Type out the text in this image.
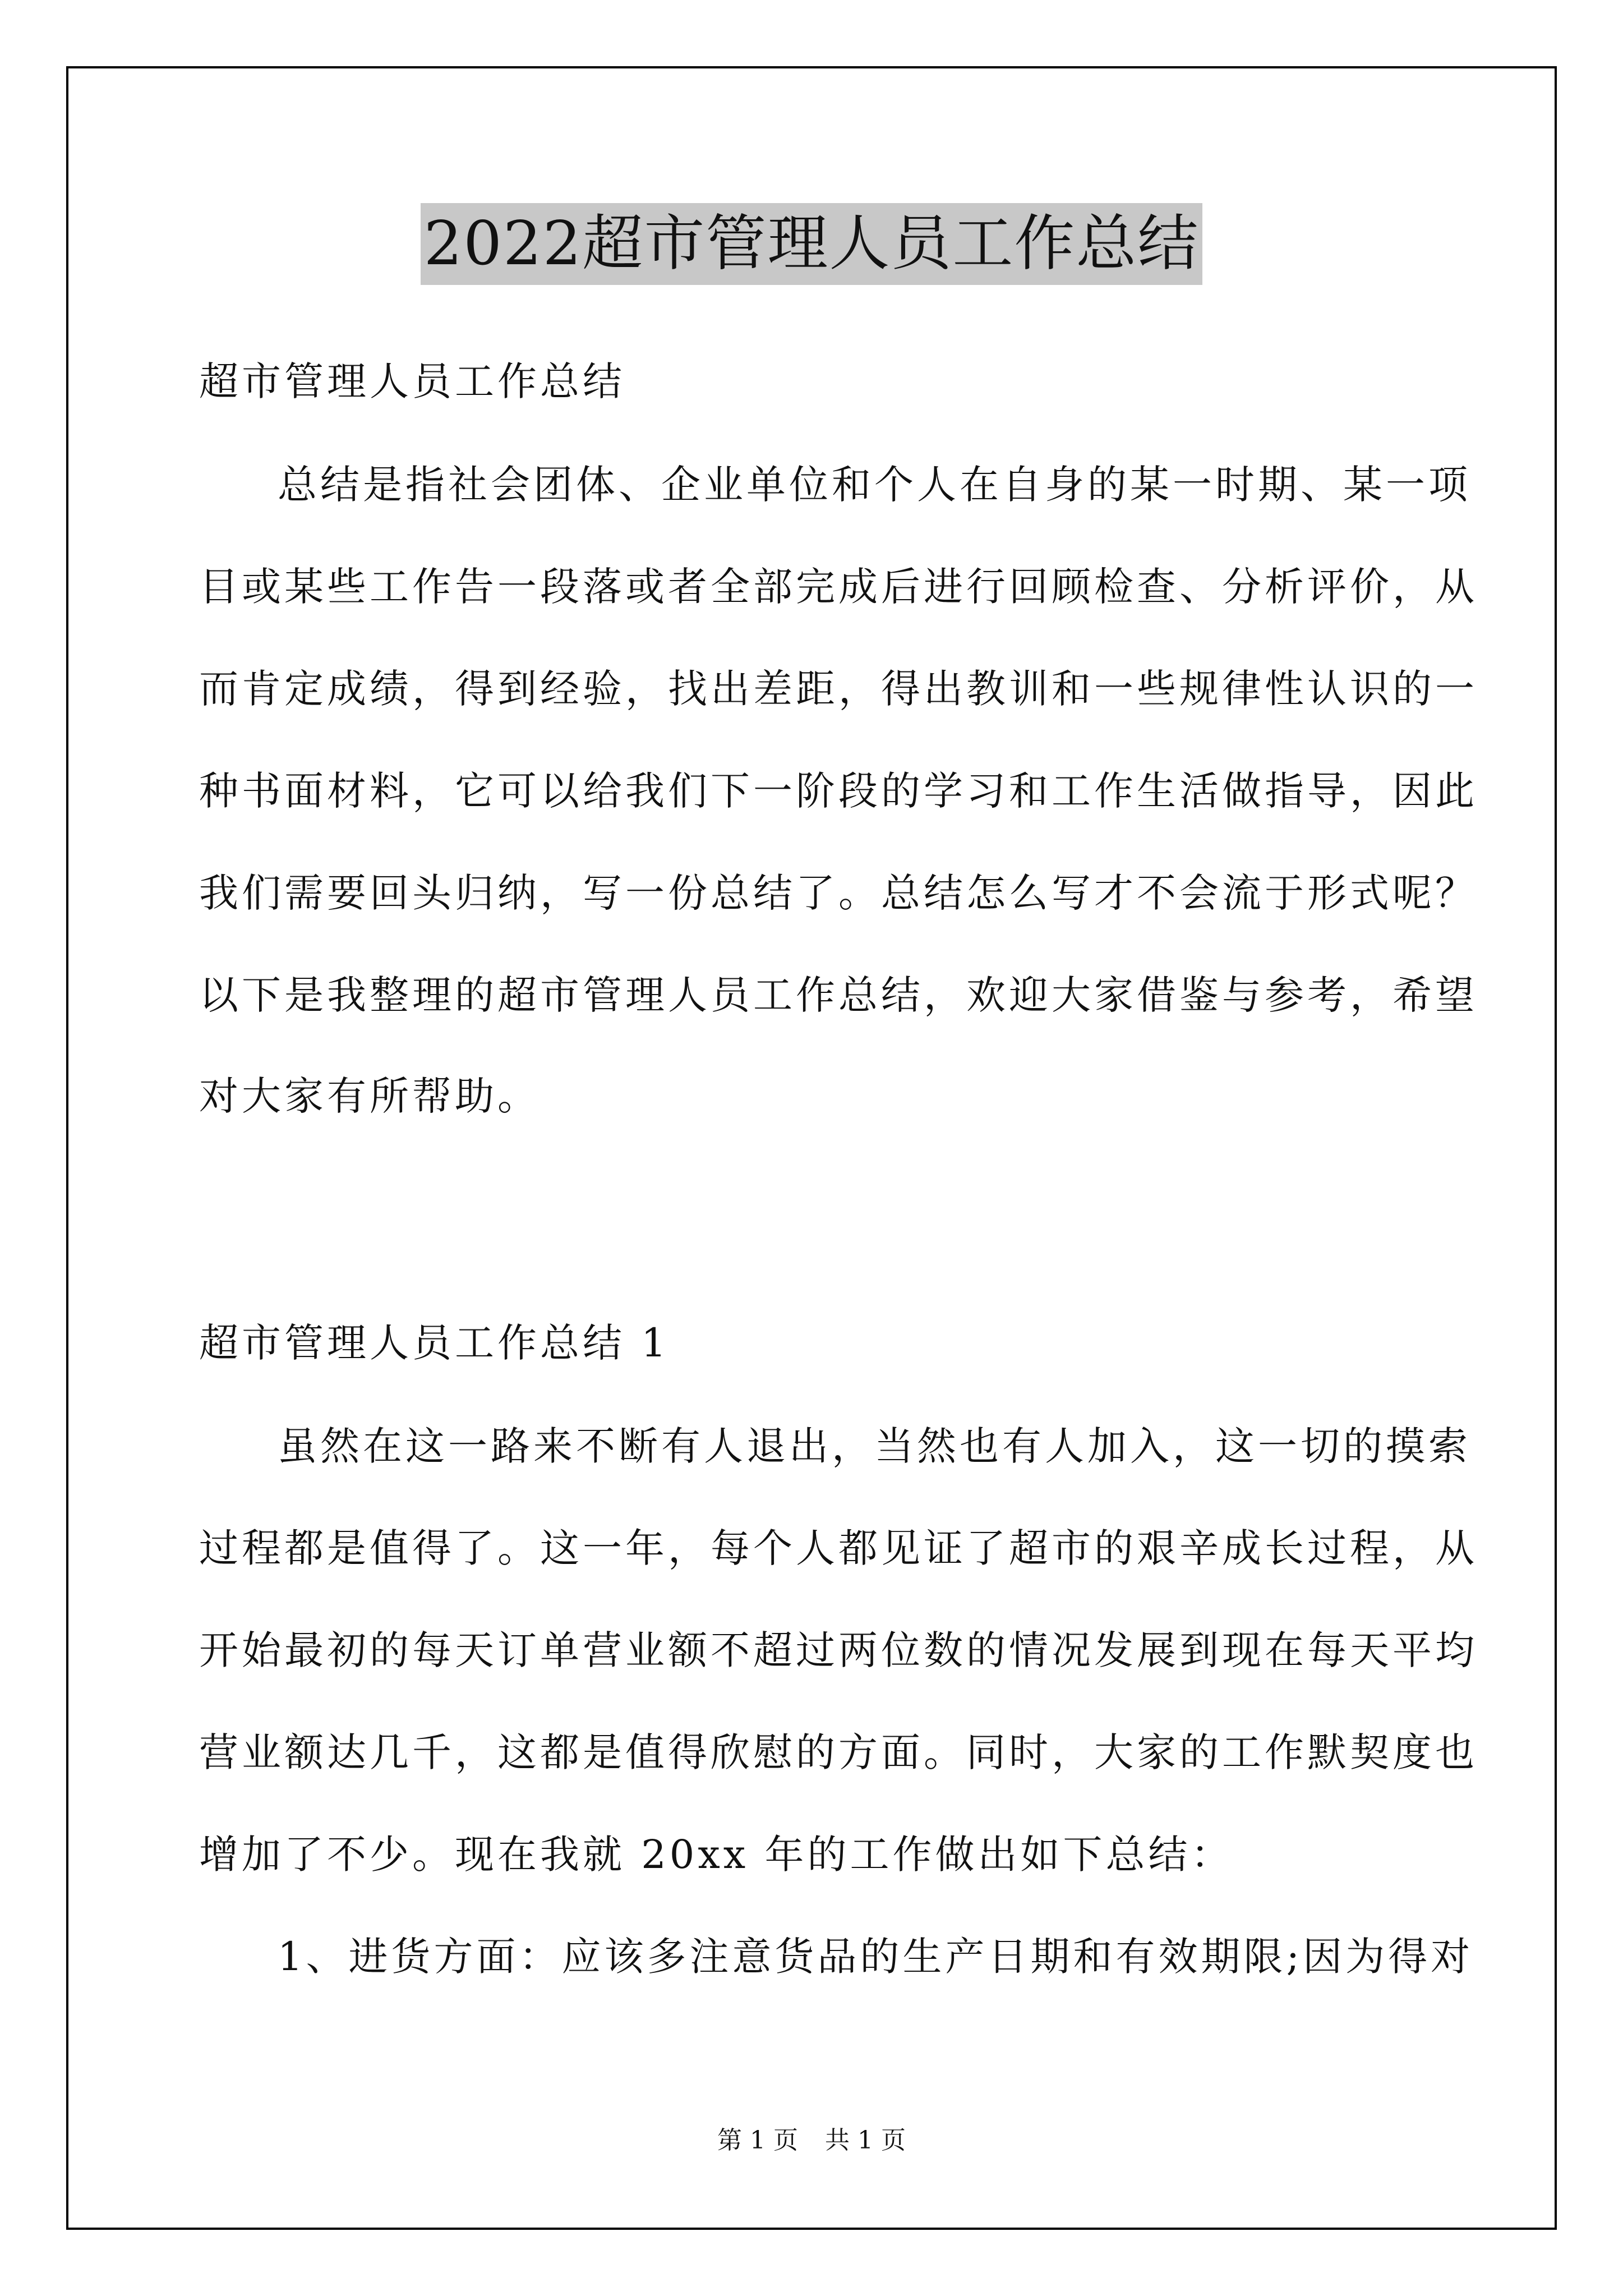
2022超市管理人员工作总结
超市管理人员工作总结
总结是指社会团体、企业单位和个人在自身的某一时期、某一项
目或某些工作告一段落或者全部完成后进行回顾检查、分析评价，从
而肯定成绩，得到经验，找出差距，得出教训和一些规律性认识的一
种书面材料，它可以给我们下一阶段的学习和工作生活做指导，因此
我们需要回头归纳，写一份总结了。总结怎么写才不会流于形式呢？
以下是我整理的超市管理人员工作总结，欢迎大家借鉴与参考，希望
对大家有所帮助。
超市管理人员工作总结 1
虽然在这一路来不断有人退出，当然也有人加入，这一切的摸索
过程都是值得了。这一年，每个人都见证了超市的艰辛成长过程，从
开始最初的每天订单营业额不超过两位数的情况发展到现在每天平均
营业额达几千，这都是值得欣慰的方面。同时，大家的工作默契度也
增加了不少。现在我就 20xx 年的工作做出如下总结：
1、进货方面：应该多注意货品的生产日期和有效期限;因为得对
第 1 页 共 1 页
